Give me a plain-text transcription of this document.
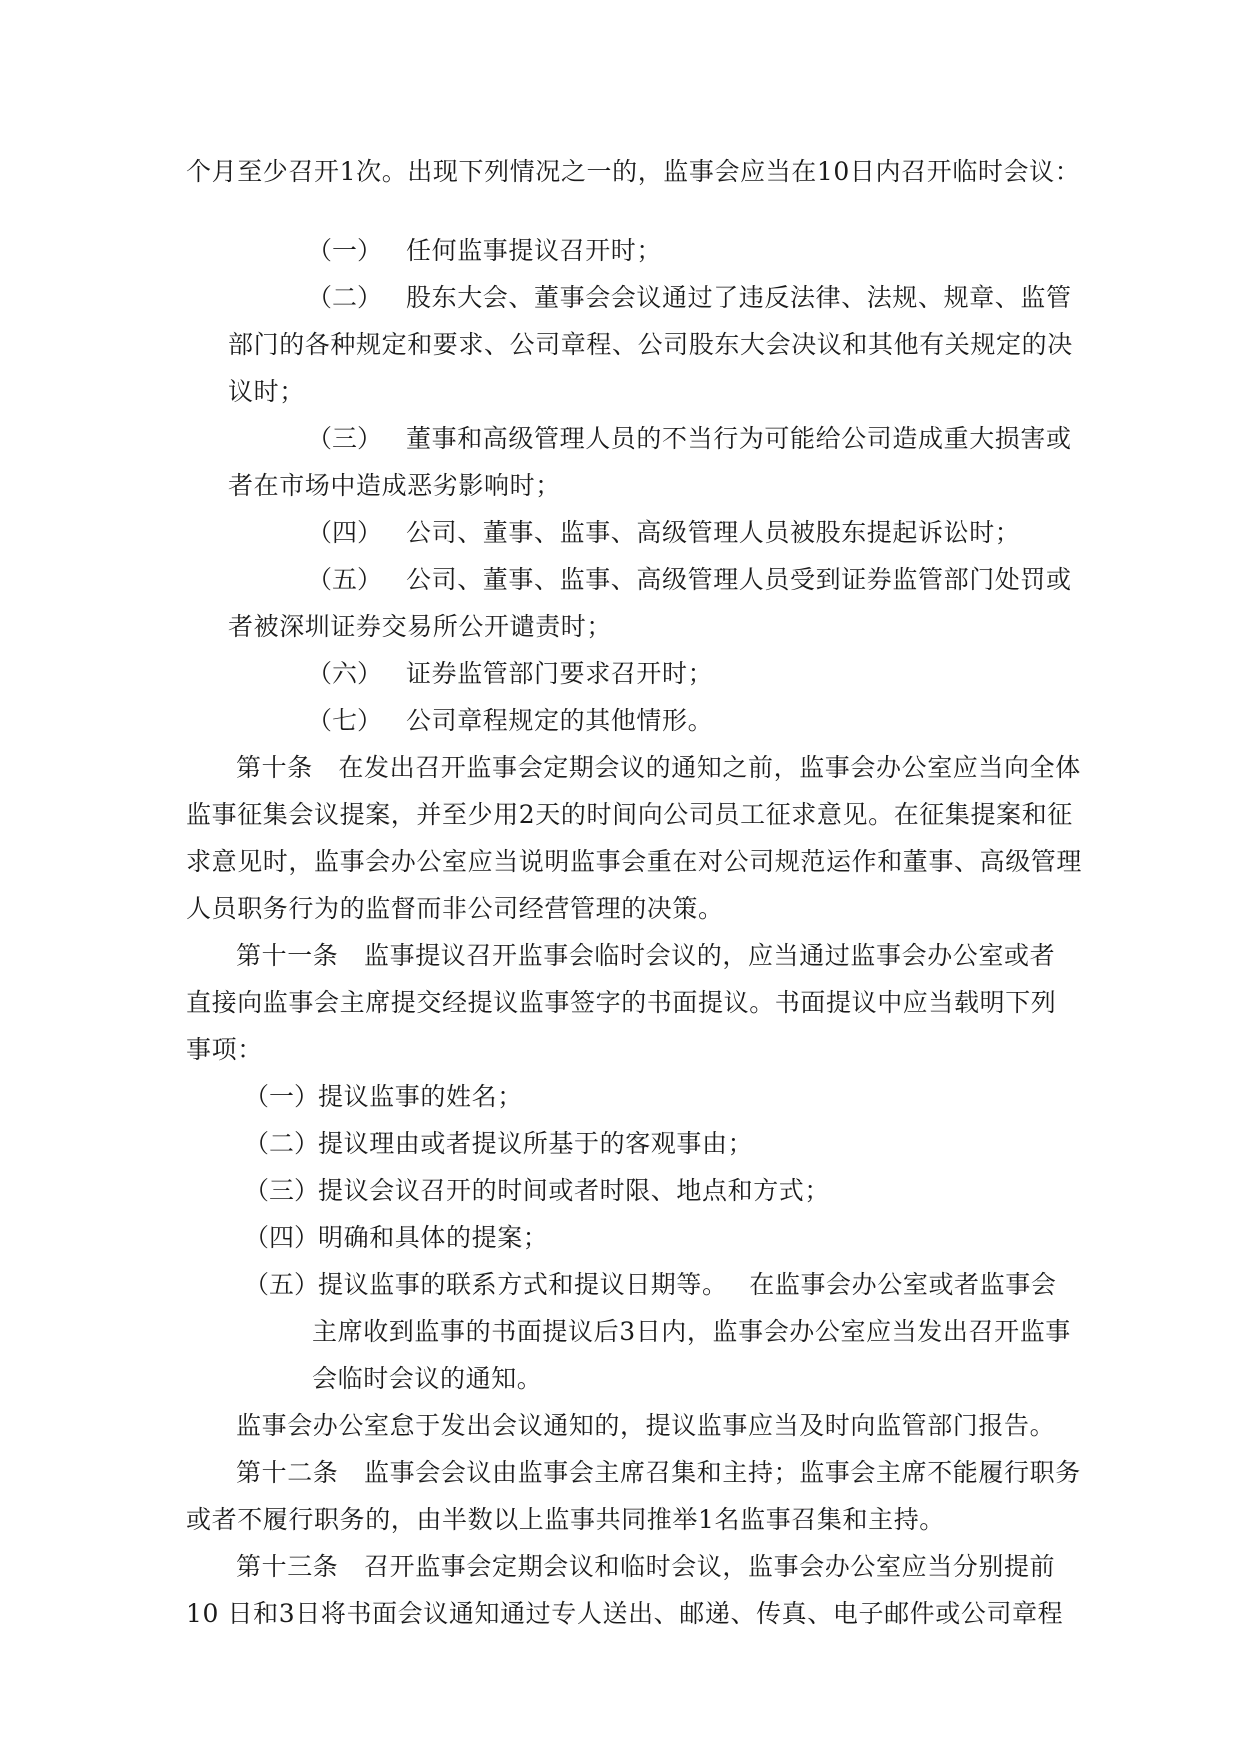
个月至少召开1次。出现下列情况之一的，监事会应当在10日内召开临时会议：
（一） 任何监事提议召开时；
（二） 股东大会、董事会会议通过了违反法律、法规、规章、监管
部门的各种规定和要求、公司章程、公司股东大会决议和其他有关规定的决
议时；
（三） 董事和高级管理人员的不当行为可能给公司造成重大损害或
者在市场中造成恶劣影响时；
（四） 公司、董事、监事、高级管理人员被股东提起诉讼时；
（五） 公司、董事、监事、高级管理人员受到证券监管部门处罚或
者被深圳证券交易所公开谴责时；
（六） 证券监管部门要求召开时；
（七） 公司章程规定的其他情形。
第十条　在发出召开监事会定期会议的通知之前，监事会办公室应当向全体
监事征集会议提案，并至少用2天的时间向公司员工征求意见。在征集提案和征
求意见时，监事会办公室应当说明监事会重在对公司规范运作和董事、高级管理
人员职务行为的监督而非公司经营管理的决策。
第十一条　监事提议召开监事会临时会议的，应当通过监事会办公室或者
直接向监事会主席提交经提议监事签字的书面提议。书面提议中应当载明下列
事项：
（一）
提议监事的姓名；
（二）
提议理由或者提议所基于的客观事由；
（三）
提议会议召开的时间或者时限、地点和方式；
（四）
明确和具体的提案；
（五）
提议监事的联系方式和提议日期等。　 在监事会办公室或者监事会
主席收到监事的书面提议后3日内，监事会办公室应当发出召开监事
会临时会议的通知。
监事会办公室怠于发出会议通知的，提议监事应当及时向监管部门报告。
第十二条　监事会会议由监事会主席召集和主持；监事会主席不能履行职务
或者不履行职务的，由半数以上监事共同推举1名监事召集和主持。
第十三条　召开监事会定期会议和临时会议，监事会办公室应当分别提前
10 日和3日将书面会议通知通过专人送出、邮递、传真、电子邮件或公司章程
